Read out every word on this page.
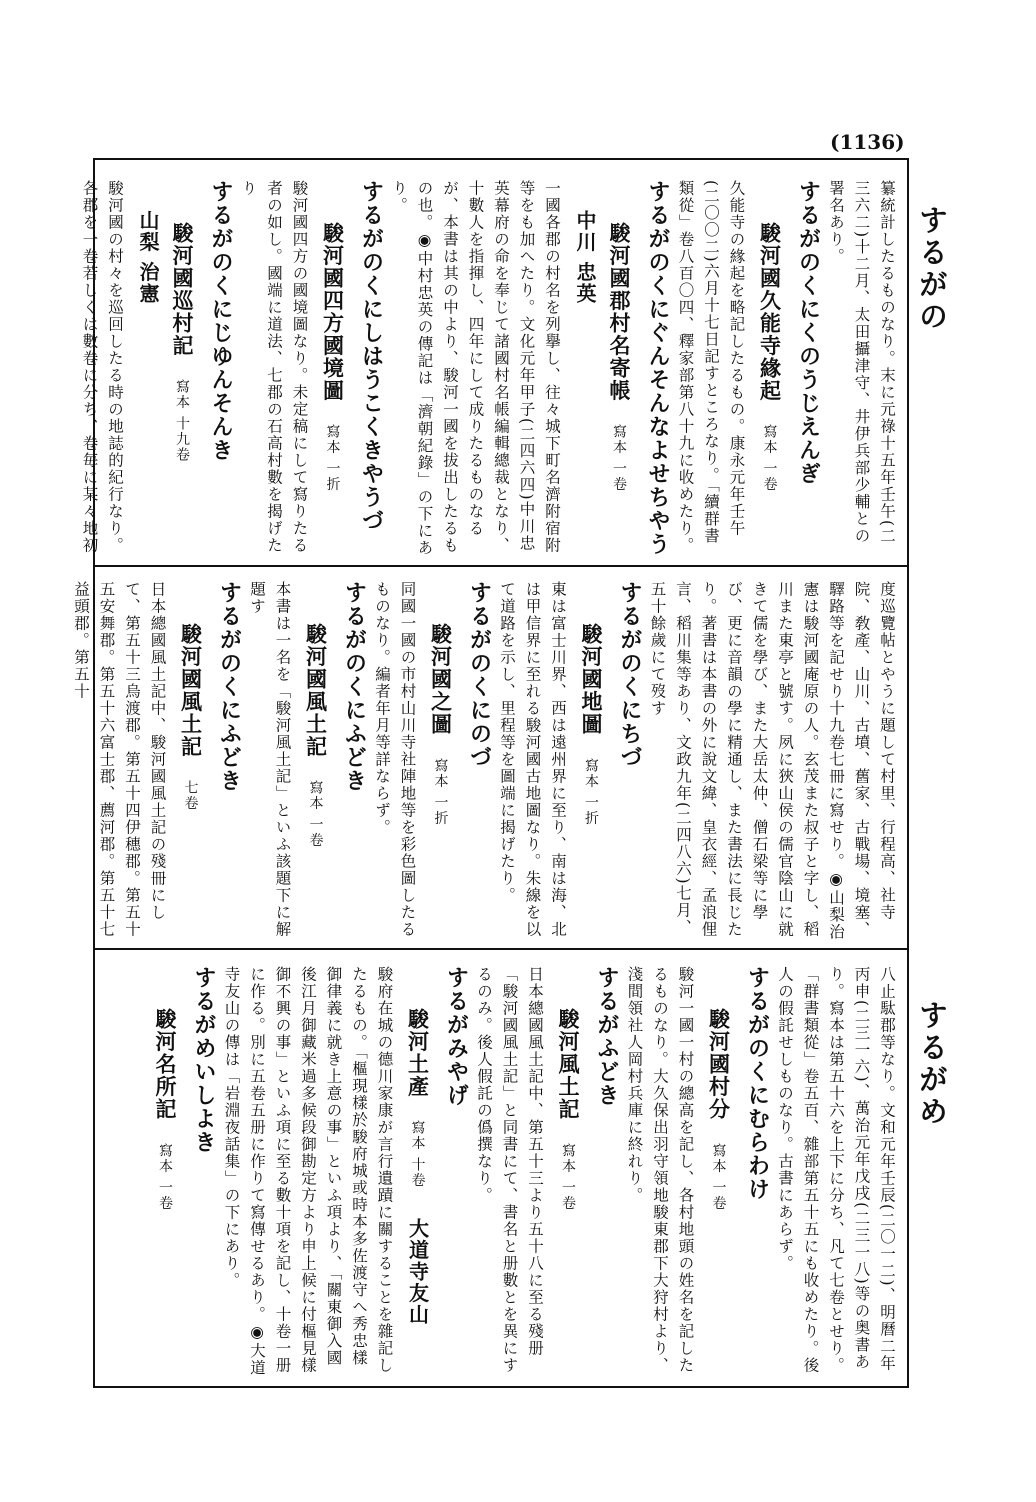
(1136)
するがの
するがめ
纂統計したるものなり。末に元祿十五年壬午(二三六二)十二月、太田攝津守、井伊兵部少輔との署名あり。
するがのくにくのうじえんぎ
駿河國久能寺緣起寫本 一卷
久能寺の緣起を略記したるもの。康永元年壬午(二〇〇二)六月十七日記すところなり。「續群書類從」卷八百〇四、釋家部第八十九に收めたり。
するがのくにぐんそんなよせちやう
駿河國郡村名寄帳寫本 一卷中川 忠英
一國各郡の村名を列擧し、往々城下町名濟附宿附等をも加へたり。文化元年甲子(二四六四)中川忠英幕府の命を奉じて諸國村名帳編輯總裁となり、十數人を指揮し、四年にして成りたるものなるが、本書は其の中より、駿河一國を拔出したるもの也。◉中村忠英の傳記は「濟朝紀錄」の下にあり。
するがのくにしはうこくきやうづ
駿河國四方國境圖寫本 一折
駿河國四方の國境圖なり。未定稿にして寫りたる者の如し。國端に道法、七郡の石高村數を揭げたり
するがのくにじゆんそんき
駿河國巡村記寫本 十九卷山梨 治憲
駿河國の村々を巡回したる時の地誌的紀行なり。各郡を一卷若しくは數卷に分ち、卷毎に某々地初
度巡覽帖とやうに題して村里、行程高、社寺院、敎產、山川、古墳、舊家、古戰場、境塞、驛路等を記せり十九卷七冊に寫せり。◉山梨治憲は駿河國庵原の人。玄茂また叔子と字し、稻川また東亭と號す。夙に狹山侯の儒官陰山に就きて儒を學び、また大岳太仲、僧石梁等に學び、更に音韻の學に精通し、また書法に長じたり。著書は本書の外に說文緯、皇衣經、孟浪俚言、稻川集等あり、文政九年(二四八六)七月、五十餘歲にて歿す
するがのくにちづ
駿河國地圖寫本 一折
東は富士川界、西は遠州界に至り、南は海、北は甲信界に至れる駿河國古地圖なり。朱線を以て道路を示し、里程等を圖端に揭げたり。
するがのくにのづ
駿河國之圖寫本 一折
同國一國の市村山川寺社陣地等を彩色圖したるものなり。編者年月等詳ならず。
するがのくにふどき
駿河國風土記寫本 一卷
本書は一名を「駿河風土記」といふ該題下に解題す
するがのくにふどき
駿河國風土記七卷
日本總國風土記中、駿河國風土記の殘冊にして、第五十三烏渡郡。第五十四伊穗郡。第五十五安舞郡。第五十六富士郡、薦河郡。第五十七益頭郡。第五十
八止駄郡等なり。文和元年壬辰(二〇一二)、明曆二年丙申(二三一六)、萬治元年戊戌(二三一八)等の奥書あり。寫本は第五十六を上下に分ち、凡て七卷とせり。「群書類從」卷五百、雜部第五十五にも收めたり。後人の假託せしものなり。古書にあらず。
するがのくにむらわけ
駿河國村分寫本 一卷
駿河一國一村の總高を記し、各村地頭の姓名を記したるものなり。大久保出羽守領地駿東郡下大狩村より、淺間領社人岡村兵庫に終れり。
するがふどき
駿河風土記寫本 一卷
日本總國風土記中、第五十三より五十八に至る殘册「駿河國風土記」と同書にて、書名と册數とを異にするのみ。後人假託の僞撰なり。
するがみやげ
駿河土產寫本 十卷大道寺友山
駿府在城の德川家康が言行遺蹟に關することを雜記したるもの。「樞現樣於駿府城或時本多佐渡守へ秀忠樣御律義に就き上意の事」といふ項より、「關東御入國後江月御藏米過多候段御勘定方より申上候に付樞見樣御不興の事」といふ項に至る數十項を記し、十卷一册に作る。別に五卷五册に作りて寫傳せるあり。◉大道寺友山の傳は「岩淵夜話集」の下にあり。
するがめいしよき
駿河名所記寫本 一卷
